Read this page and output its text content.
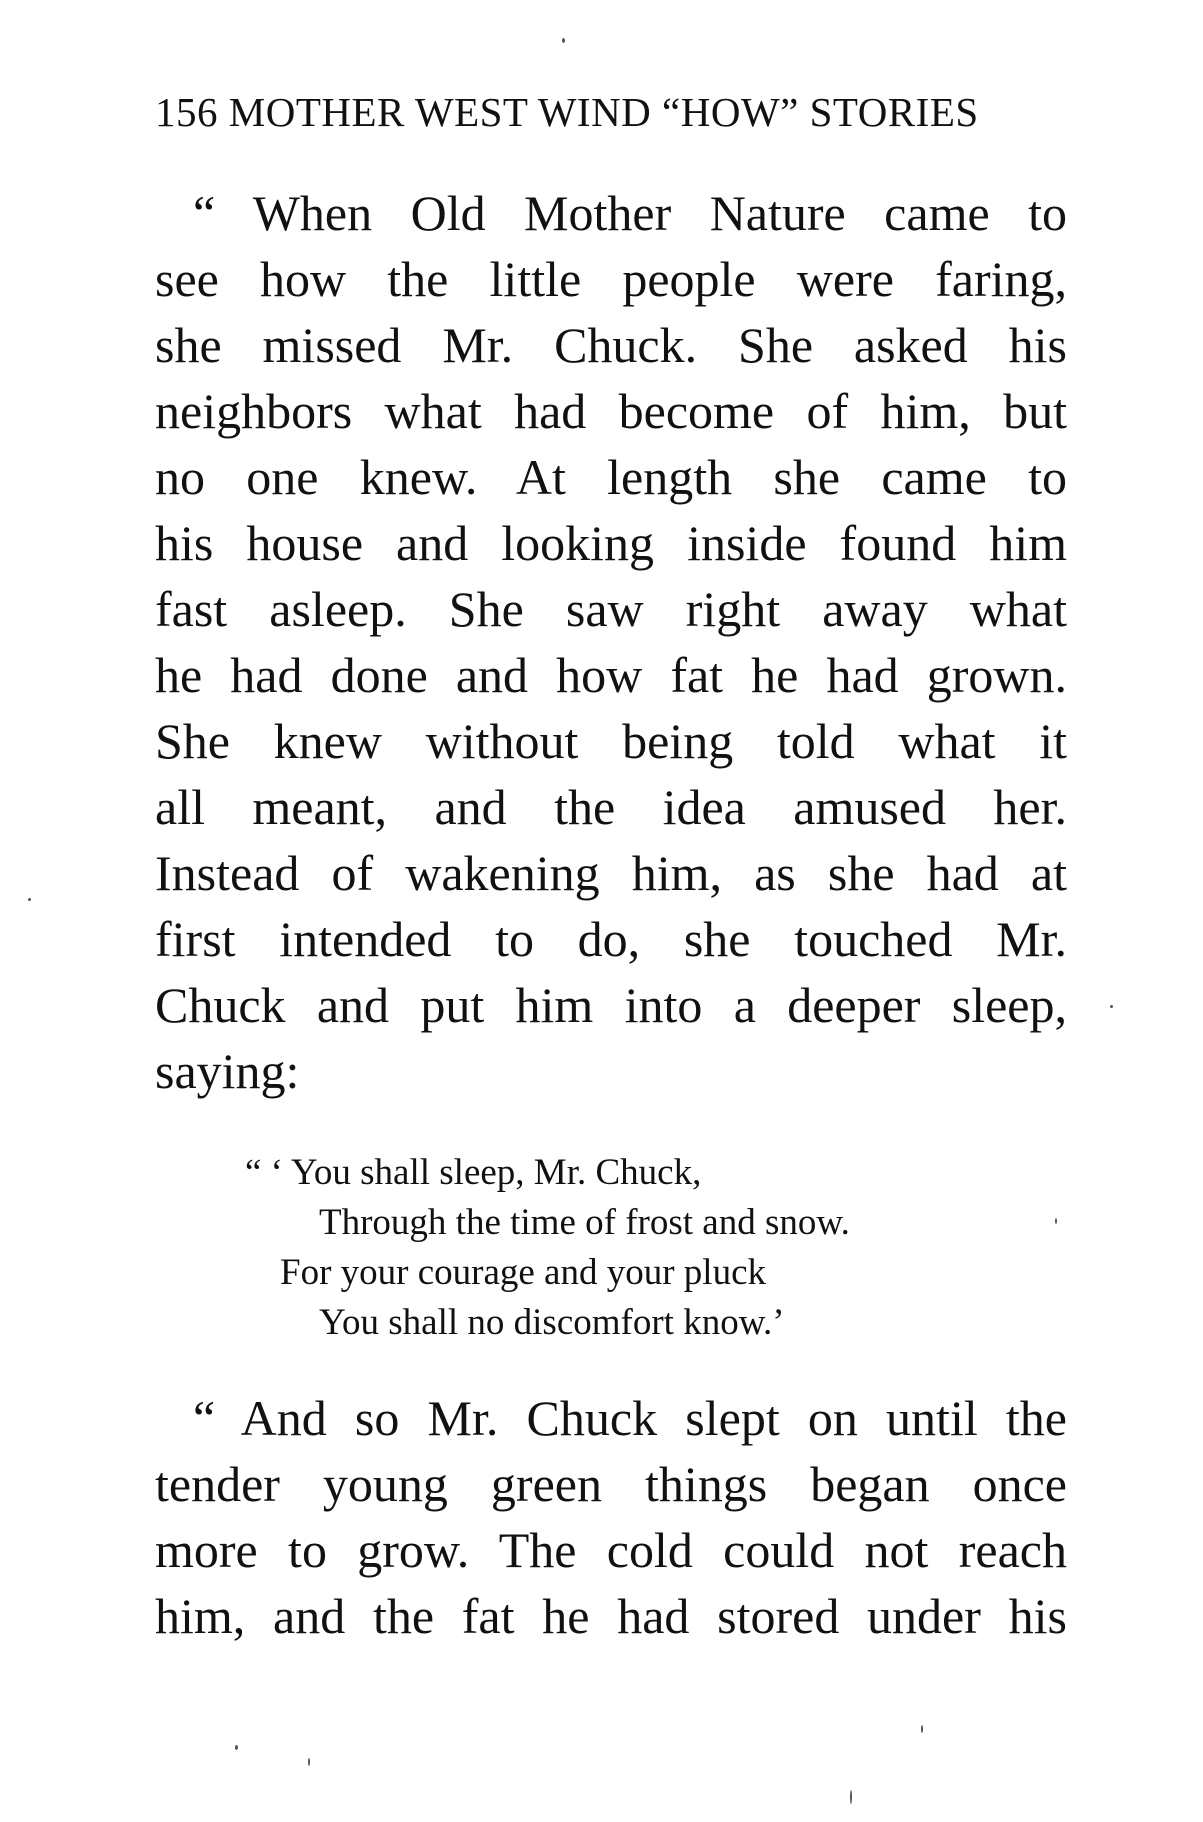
156 MOTHER WEST WIND “HOW” STORIES
“ When Old Mother Nature came to
see how the little people were faring,
she missed Mr. Chuck. She asked his
neighbors what had become of him, but
no one knew. At length she came to
his house and looking inside found him
fast asleep. She saw right away what
he had done and how fat he had grown.
She knew without being told what it
all meant, and the idea amused her.
Instead of wakening him, as she had at
first intended to do, she touched Mr.
Chuck and put him into a deeper sleep,
saying:
“ ‘ You shall sleep, Mr. Chuck,
Through the time of frost and snow.
For your courage and your pluck
You shall no discomfort know.’
“ And so Mr. Chuck slept on until the
tender young green things began once
more to grow. The cold could not reach
him, and the fat he had stored under his
